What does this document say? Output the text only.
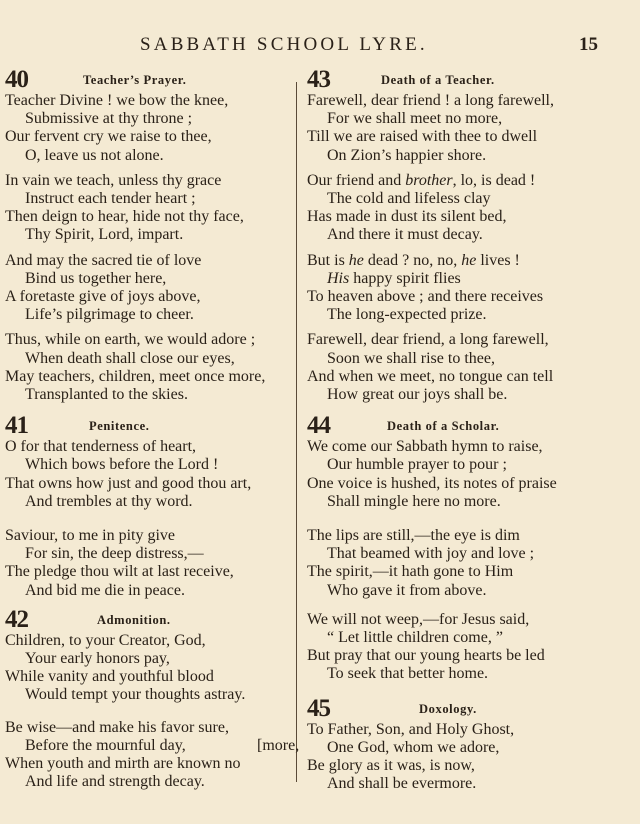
SABBATH SCHOOL LYRE.	15
40	Teacher’s Prayer.
Teacher Divine ! we bow the knee,
Submissive at thy throne ;
Our fervent cry we raise to thee,
O, leave us not alone.
In vain we teach, unless thy grace
Instruct each tender heart ;
Then deign to hear, hide not thy face,
Thy Spirit, Lord, impart.
And may the sacred tie of love
Bind us together here,
A foretaste give of joys above,
Life’s pilgrimage to cheer.
Thus, while on earth, we would adore ;
When death shall close our eyes,
May teachers, children, meet once more,
Transplanted to the skies.
41	Penitence.
O for that tenderness of heart,
Which bows before the Lord !
That owns how just and good thou art,
And trembles at thy word.
Saviour, to me in pity give
For sin, the deep distress,—
The pledge thou wilt at last receive,
And bid me die in peace.
42	Admonition.
Children, to your Creator, God,
Your early honors pay,
While vanity and youthful blood
Would tempt your thoughts astray.
Be wise—and make his favor sure,
Before the mournful day,	[more,
When youth and mirth are known no
And life and strength decay.
43	Death of a Teacher.
Farewell, dear friend ! a long farewell,
For we shall meet no more,
Till we are raised with thee to dwell
On Zion’s happier shore.
Our friend and brother, lo, is dead !
The cold and lifeless clay
Has made in dust its silent bed,
And there it must decay.
But is he dead ? no, no, he lives !
His happy spirit flies
To heaven above ; and there receives
The long-expected prize.
Farewell, dear friend, a long farewell,
Soon we shall rise to thee,
And when we meet, no tongue can tell
How great our joys shall be.
44	Death of a Scholar.
We come our Sabbath hymn to raise,
Our humble prayer to pour ;
One voice is hushed, its notes of praise
Shall mingle here no more.
The lips are still,—the eye is dim
That beamed with joy and love ;
The spirit,—it hath gone to Him
Who gave it from above.
We will not weep,—for Jesus said,
“ Let little children come, ”
But pray that our young hearts be led
To seek that better home.
45	Doxology.
To Father, Son, and Holy Ghost,
One God, whom we adore,
Be glory as it was, is now,
And shall be evermore.
